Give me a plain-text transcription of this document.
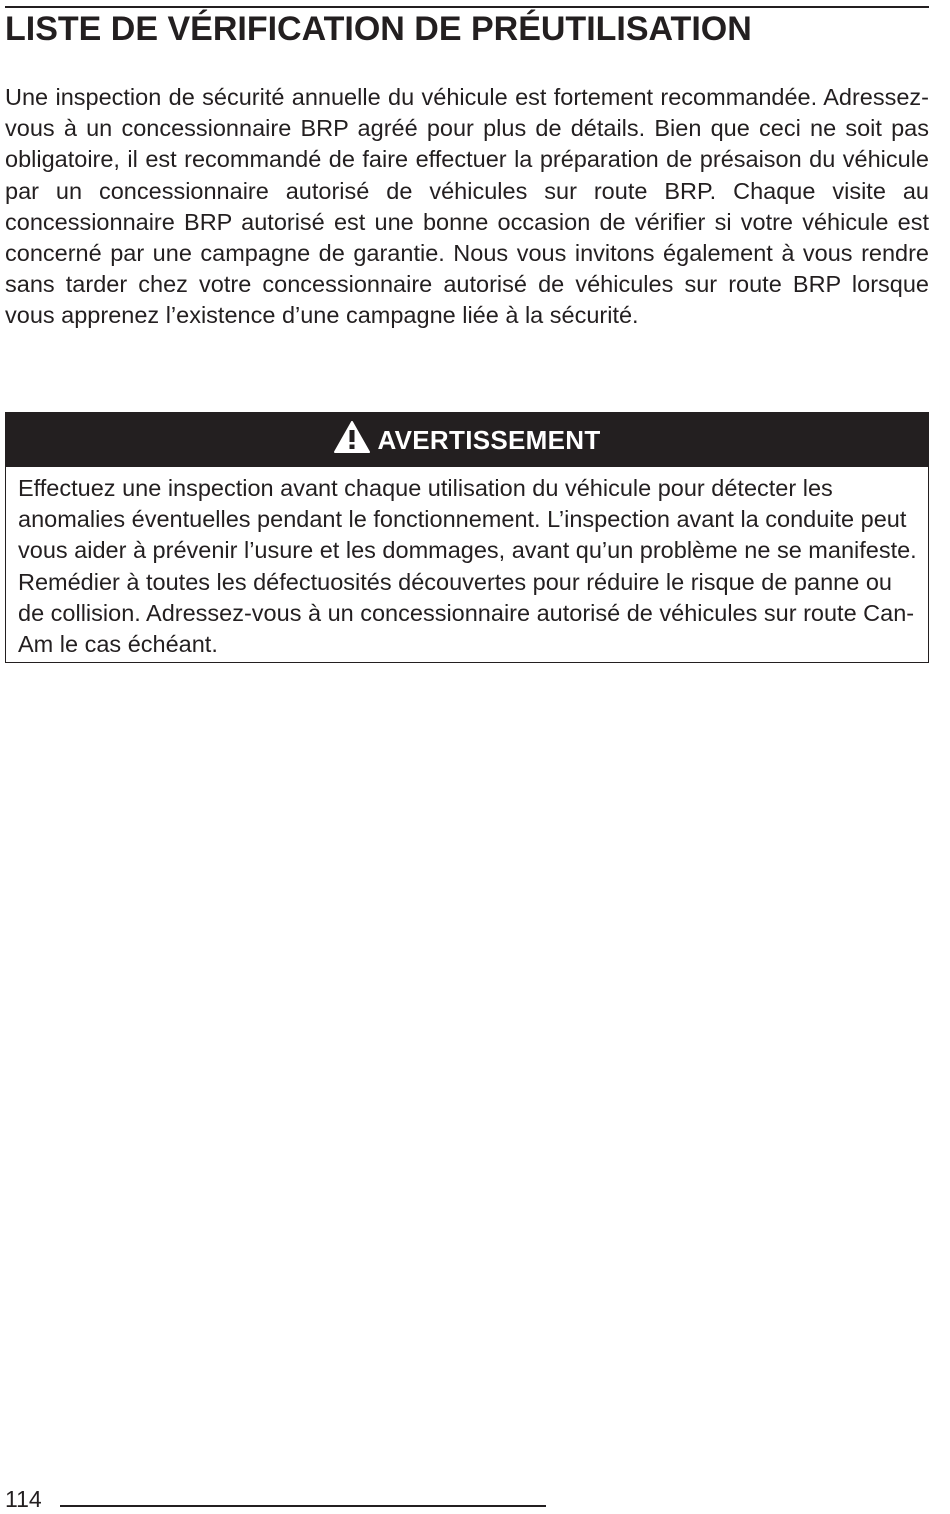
LISTE DE VÉRIFICATION DE PRÉUTILISATION

Une inspection de sécurité annuelle du véhicule est fortement recommandée. Adressez-vous à un concessionnaire BRP agréé pour plus de détails. Bien que ceci ne soit pas obligatoire, il est recommandé de faire effectuer la préparation de présaison du véhicule par un concessionnaire autorisé de véhicules sur route BRP. Chaque visite au concessionnaire BRP autorisé est une bonne occasion de vérifier si votre véhicule est concerné par une campagne de garantie. Nous vous invitons également à vous rendre sans tarder chez votre concessionnaire autorisé de véhicules sur route BRP lorsque vous apprenez l’existence d’une campagne liée à la sécurité.

AVERTISSEMENT

Effectuez une inspection avant chaque utilisation du véhicule pour détecter les anomalies éventuelles pendant le fonctionnement. L’inspection avant la conduite peut vous aider à prévenir l’usure et les dommages, avant qu’un problème ne se manifeste. Remédier à toutes les défectuosités découvertes pour réduire le risque de panne ou de collision. Adressez-vous à un concessionnaire autorisé de véhicules sur route Can-Am le cas échéant.

114
